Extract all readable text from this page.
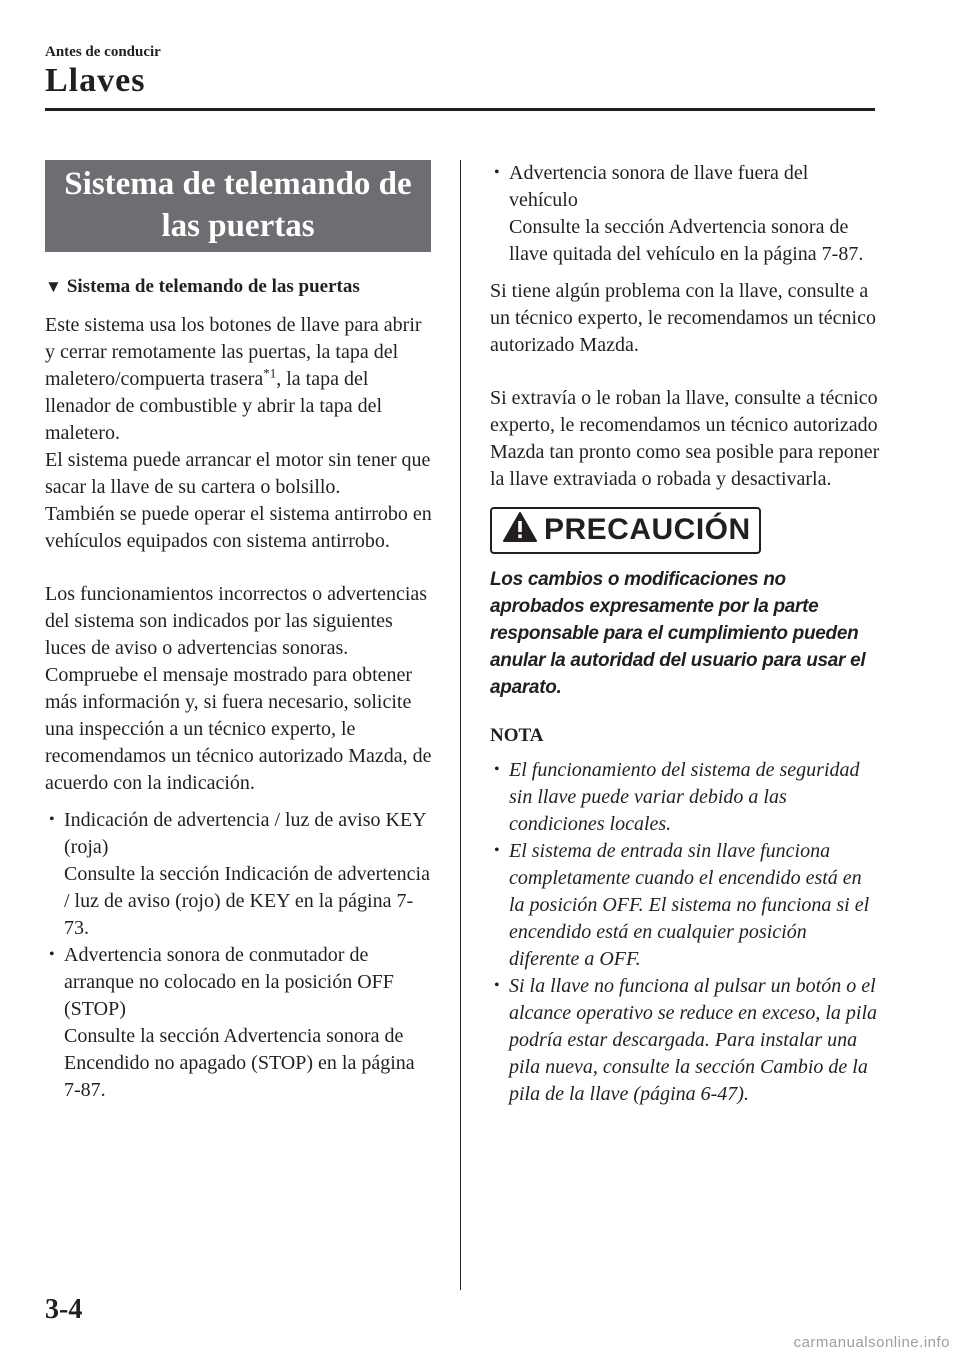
Antes de conducir
Llaves
Sistema de telemando de las puertas
▼ Sistema de telemando de las puertas

Este sistema usa los botones de llave para abrir y cerrar remotamente las puertas, la tapa del maletero/compuerta trasera$^{*1}$, la tapa del llenador de combustible y abrir la tapa del maletero.

El sistema puede arrancar el motor sin tener que sacar la llave de su cartera o bolsillo.

También se puede operar el sistema antirrobo en vehículos equipados con sistema antirrobo.

Los funcionamientos incorrectos o advertencias del sistema son indicados por las siguientes luces de aviso o advertencias sonoras.

Compruebe el mensaje mostrado para obtener más información y, si fuera necesario, solicite una inspección a un técnico experto, le recomendamos un técnico autorizado Mazda, de acuerdo con la indicación.

• Indicación de advertencia / luz de aviso KEY (roja)
Consulte la sección Indicación de advertencia / luz de aviso (rojo) de KEY en la página 7-73.
• Advertencia sonora de conmutador de arranque no colocado en la posición OFF (STOP)
Consulte la sección Advertencia sonora de Encendido no apagado (STOP) en la página 7-87.
• Advertencia sonora de llave fuera del vehículo
Consulte la sección Advertencia sonora de llave quitada del vehículo en la página 7-87.

Si tiene algún problema con la llave, consulte a un técnico experto, le recomendamos un técnico autorizado Mazda.

Si extravía o le roban la llave, consulte a técnico experto, le recomendamos un técnico autorizado Mazda tan pronto como sea posible para reponer la llave extraviada o robada y desactivarla.

PRECAUCIÓN
Los cambios o modificaciones no aprobados expresamente por la parte responsable para el cumplimiento pueden anular la autoridad del usuario para usar el aparato.
NOTA
• El funcionamiento del sistema de seguridad sin llave puede variar debido a las condiciones locales.
• El sistema de entrada sin llave funciona completamente cuando el encendido está en la posición OFF. El sistema no funciona si el encendido está en cualquier posición diferente a OFF.
• Si la llave no funciona al pulsar un botón o el alcance operativo se reduce en exceso, la pila podría estar descargada. Para instalar una pila nueva, consulte la sección Cambio de la pila de la llave (página 6-47).
3-4
carmanualsonline.info
